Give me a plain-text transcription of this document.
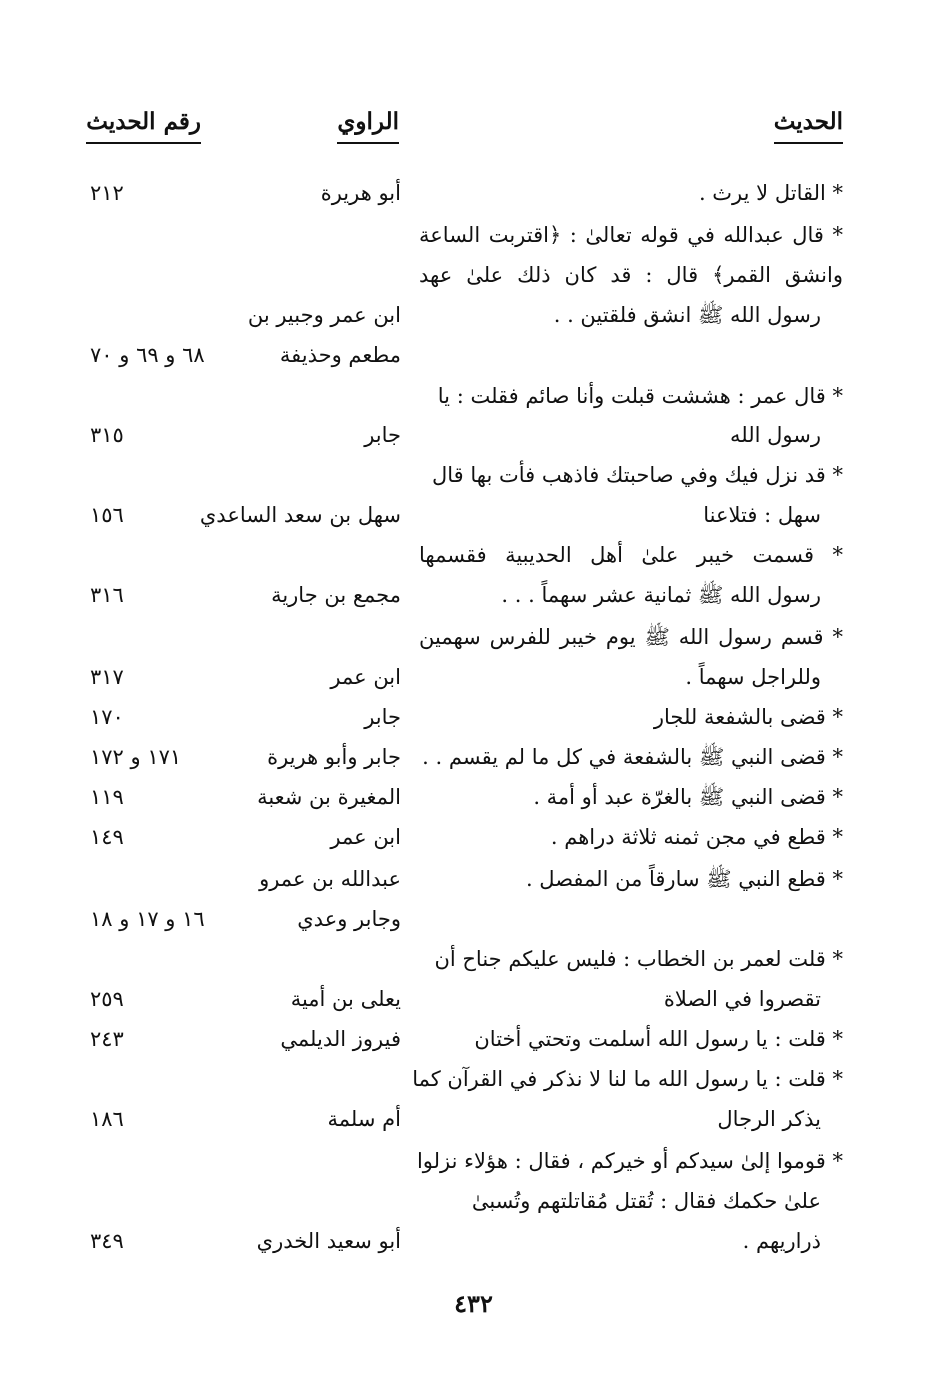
الحديث
الراوي
رقم الحديث
* القاتل لا يرث .
* قال عبدالله في قوله تعالىٰ : ﴿اقتربت الساعة
وانشق القمر﴾ قال : قد كان ذلك علىٰ عهد
رسول الله ﷺ انشق فلقتين . .
* قال عمر : هششت قبلت وأنا صائم فقلت : يا
رسول الله
* قد نزل فيك وفي صاحبتك فاذهب فأت بها قال
سهل : فتلاعنا
* قسمت خيبر علىٰ أهل الحديبية فقسمها
رسول الله ﷺ ثمانية عشر سهماً . . .
* قسم رسول الله ﷺ يوم خيبر للفرس سهمين
وللراجل سهماً .
* قضى بالشفعة للجار
* قضى النبي ﷺ بالشفعة في كل ما لم يقسم . .
* قضى النبي ﷺ بالغرّة عبد أو أمة .
* قطع في مجن ثمنه ثلاثة دراهم .
* قطع النبي ﷺ سارقاً من المفصل .
* قلت لعمر بن الخطاب : فليس عليكم جناح أن
تقصروا في الصلاة
* قلت : يا رسول الله أسلمت وتحتي أختان
* قلت : يا رسول الله ما لنا لا نذكر في القرآن كما
يذكر الرجال
* قوموا إلىٰ سيدكم أو خيركم ، فقال : هؤلاء نزلوا
علىٰ حكمك فقال : تُقتل مُقاتلتهم وتُسبىٰ
ذراريهم .
أبو هريرة
ابن عمر وجبير بن
مطعم وحذيفة
جابر
سهل بن سعد الساعدي
مجمع بن جارية
ابن عمر
جابر
جابر وأبو هريرة
المغيرة بن شعبة
ابن عمر
عبدالله بن عمرو
وجابر وعدي
يعلى بن أمية
فيروز الديلمي
أم سلمة
أبو سعيد الخدري
٢١٢
٦٨ و ٦٩ و ٧٠
٣١٥
١٥٦
٣١٦
٣١٧
١٧٠
١٧١ و ١٧٢
١١٩
١٤٩
١٦ و ١٧ و ١٨
٢٥٩
٢٤٣
١٨٦
٣٤٩
٤٣٢
